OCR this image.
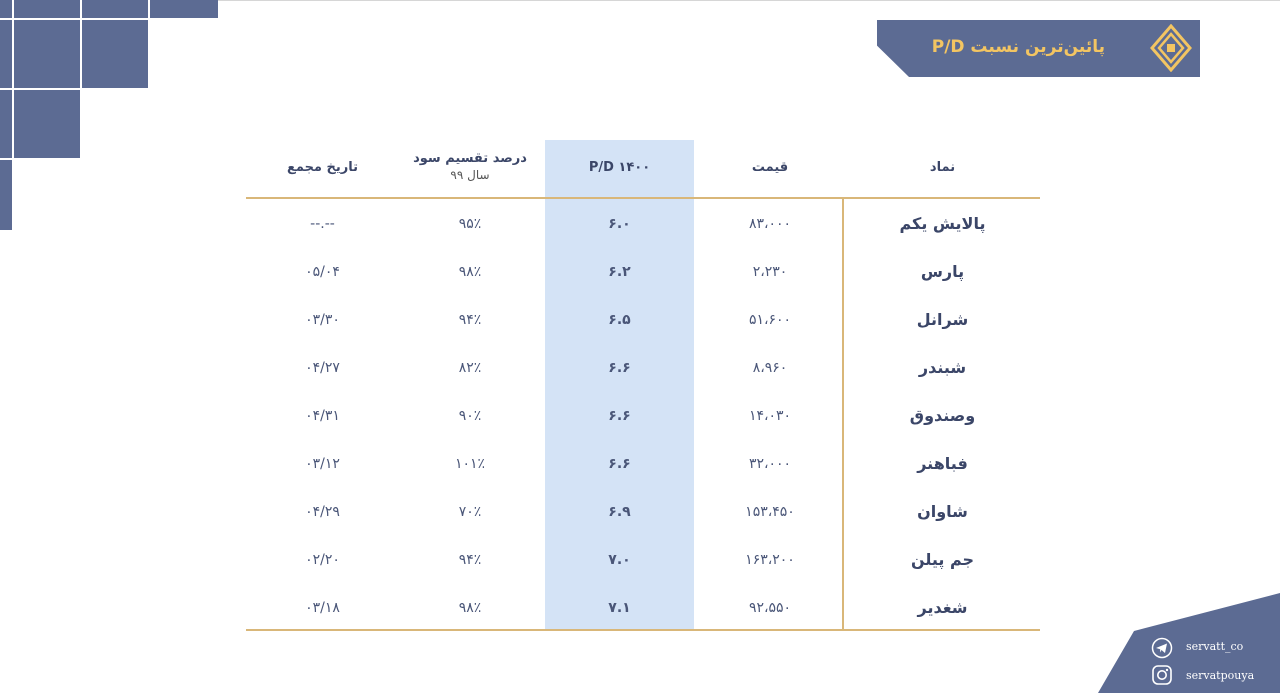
پائین‌ترین نسبت P/D
نماد
قیمت
P/D ۱۴۰۰
درصد تقسیم سود
سال ۹۹
تاریخ مجمع
پالایش یکم
۸۳،۰۰۰
۶.۰
۹۵٪
--.--
پارس
۲،۲۳۰
۶.۲
۹۸٪
۰۵/۰۴
شرانل
۵۱،۶۰۰
۶.۵
۹۴٪
۰۳/۳۰
شبندر
۸،۹۶۰
۶.۶
۸۲٪
۰۴/۲۷
وصندوق
۱۴،۰۳۰
۶.۶
۹۰٪
۰۴/۳۱
فباهنر
۳۲،۰۰۰
۶.۶
۱۰۱٪
۰۳/۱۲
شاوان
۱۵۳،۴۵۰
۶.۹
۷۰٪
۰۴/۲۹
جم پیلن
۱۶۳،۲۰۰
۷.۰
۹۴٪
۰۲/۲۰
شغدیر
۹۲،۵۵۰
۷.۱
۹۸٪
۰۳/۱۸
servatt_co
servatpouya
